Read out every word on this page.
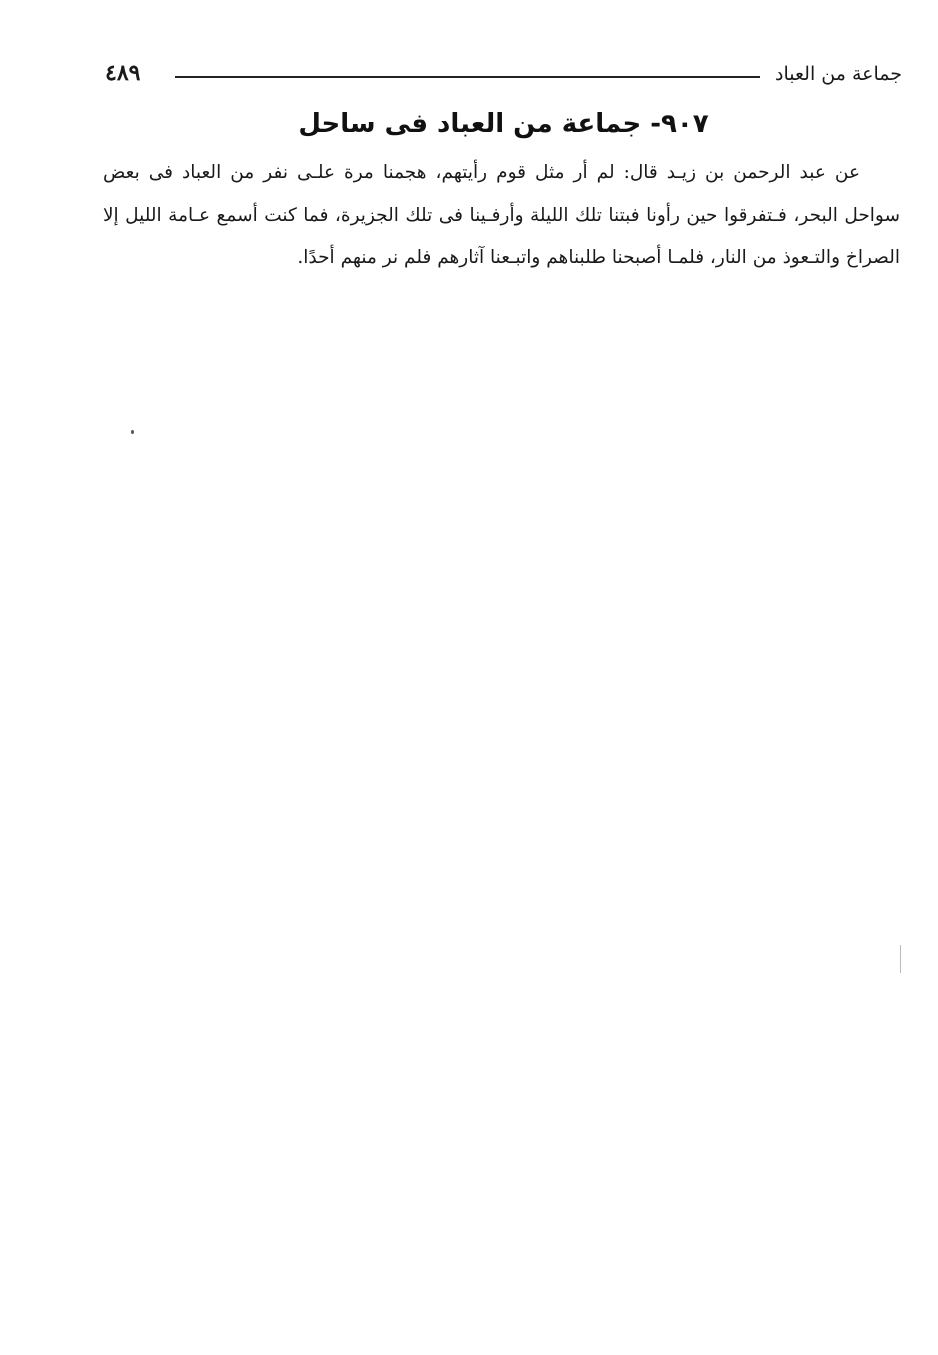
جماعة من العباد
٤٨٩
٩٠٧- جماعة من العباد فى ساحل
عن عبد الرحمن بن زيـد قال: لم أر مثل قوم رأيتهم، هجمنا مرة علـى نفر من العباد فى بعض سواحل البحر، فـتفرقوا حين رأونا فبتنا تلك الليلة وأرفـينا فى تلك الجزيرة، فما كنت أسمع عـامة الليل إلا الصراخ والتـعوذ من النار، فلمـا أصبحنا طلبناهم واتبـعنا آثارهم فلم نر منهم أحدًا.
